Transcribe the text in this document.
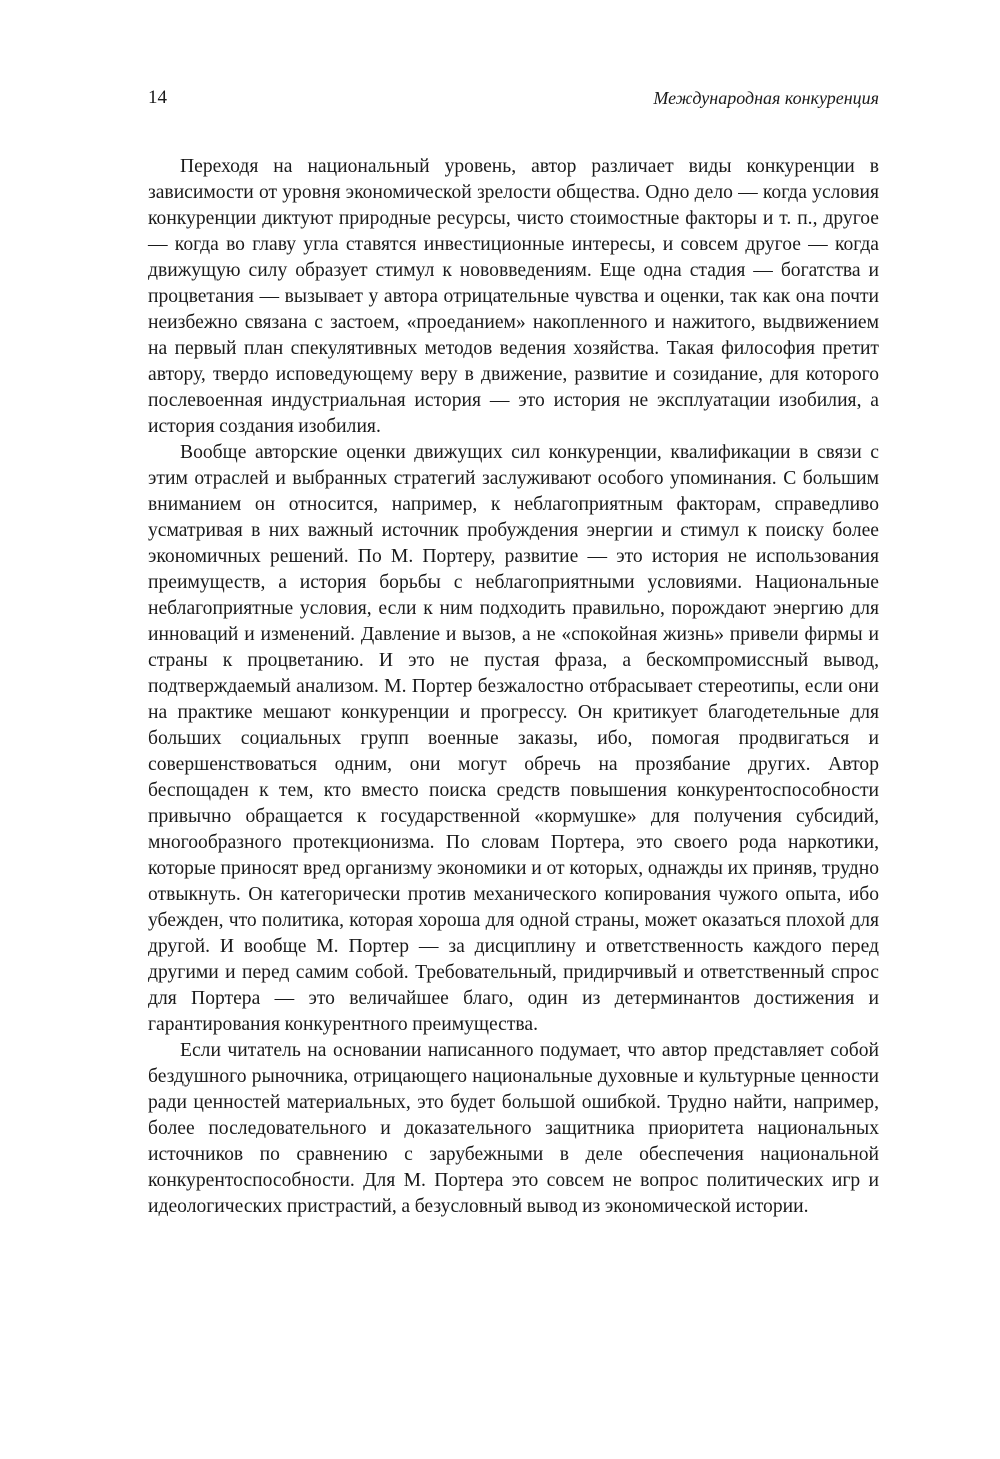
14	Международная конкуренция

Переходя на национальный уровень, автор различает виды конкуренции в зависимости от уровня экономической зрелости общества. Одно дело — когда условия конкуренции диктуют природные ресурсы, чисто стоимостные факторы и т. п., другое — когда во главу угла ставятся инвестиционные интересы, и совсем другое — когда движущую силу образует стимул к нововведениям. Еще одна стадия — богатства и процветания — вызывает у автора отрицательные чувства и оценки, так как она почти неизбежно связана с застоем, «проеданием» накопленного и нажитого, выдвижением на первый план спекулятивных методов ведения хозяйства. Такая философия претит автору, твердо исповедующему веру в движение, развитие и созидание, для которого послевоенная индустриальная история — это история не эксплуатации изобилия, а история создания изобилия.

Вообще авторские оценки движущих сил конкуренции, квалификации в связи с этим отраслей и выбранных стратегий заслуживают особого упоминания. С большим вниманием он относится, например, к неблагоприятным факторам, справедливо усматривая в них важный источник пробуждения энергии и стимул к поиску более экономичных решений. По М. Портеру, развитие — это история не использования преимуществ, а история борьбы с неблагоприятными условиями. Национальные неблагоприятные условия, если к ним подходить правильно, порождают энергию для инноваций и изменений. Давление и вызов, а не «спокойная жизнь» привели фирмы и страны к процветанию. И это не пустая фраза, а бескомпромиссный вывод, подтверждаемый анализом. М. Портер безжалостно отбрасывает стереотипы, если они на практике мешают конкуренции и прогрессу. Он критикует благодетельные для больших социальных групп военные заказы, ибо, помогая продвигаться и совершенствоваться одним, они могут обречь на прозябание других. Автор беспощаден к тем, кто вместо поиска средств повышения конкурентоспособности привычно обращается к государственной «кормушке» для получения субсидий, многообразного протекционизма. По словам Портера, это своего рода наркотики, которые приносят вред организму экономики и от которых, однажды их приняв, трудно отвыкнуть. Он категорически против механического копирования чужого опыта, ибо убежден, что политика, которая хороша для одной страны, может оказаться плохой для другой. И вообще М. Портер — за дисциплину и ответственность каждого перед другими и перед самим собой. Требовательный, придирчивый и ответственный спрос для Портера — это величайшее благо, один из детерминантов достижения и гарантирования конкурентного преимущества.

Если читатель на основании написанного подумает, что автор представляет собой бездушного рыночника, отрицающего национальные духовные и культурные ценности ради ценностей материальных, это будет большой ошибкой. Трудно найти, например, более последовательного и доказательного защитника приоритета национальных источников по сравнению с зарубежными в деле обеспечения национальной конкурентоспособности. Для М. Портера это совсем не вопрос политических игр и идеологических пристрастий, а безусловный вывод из экономической истории.
